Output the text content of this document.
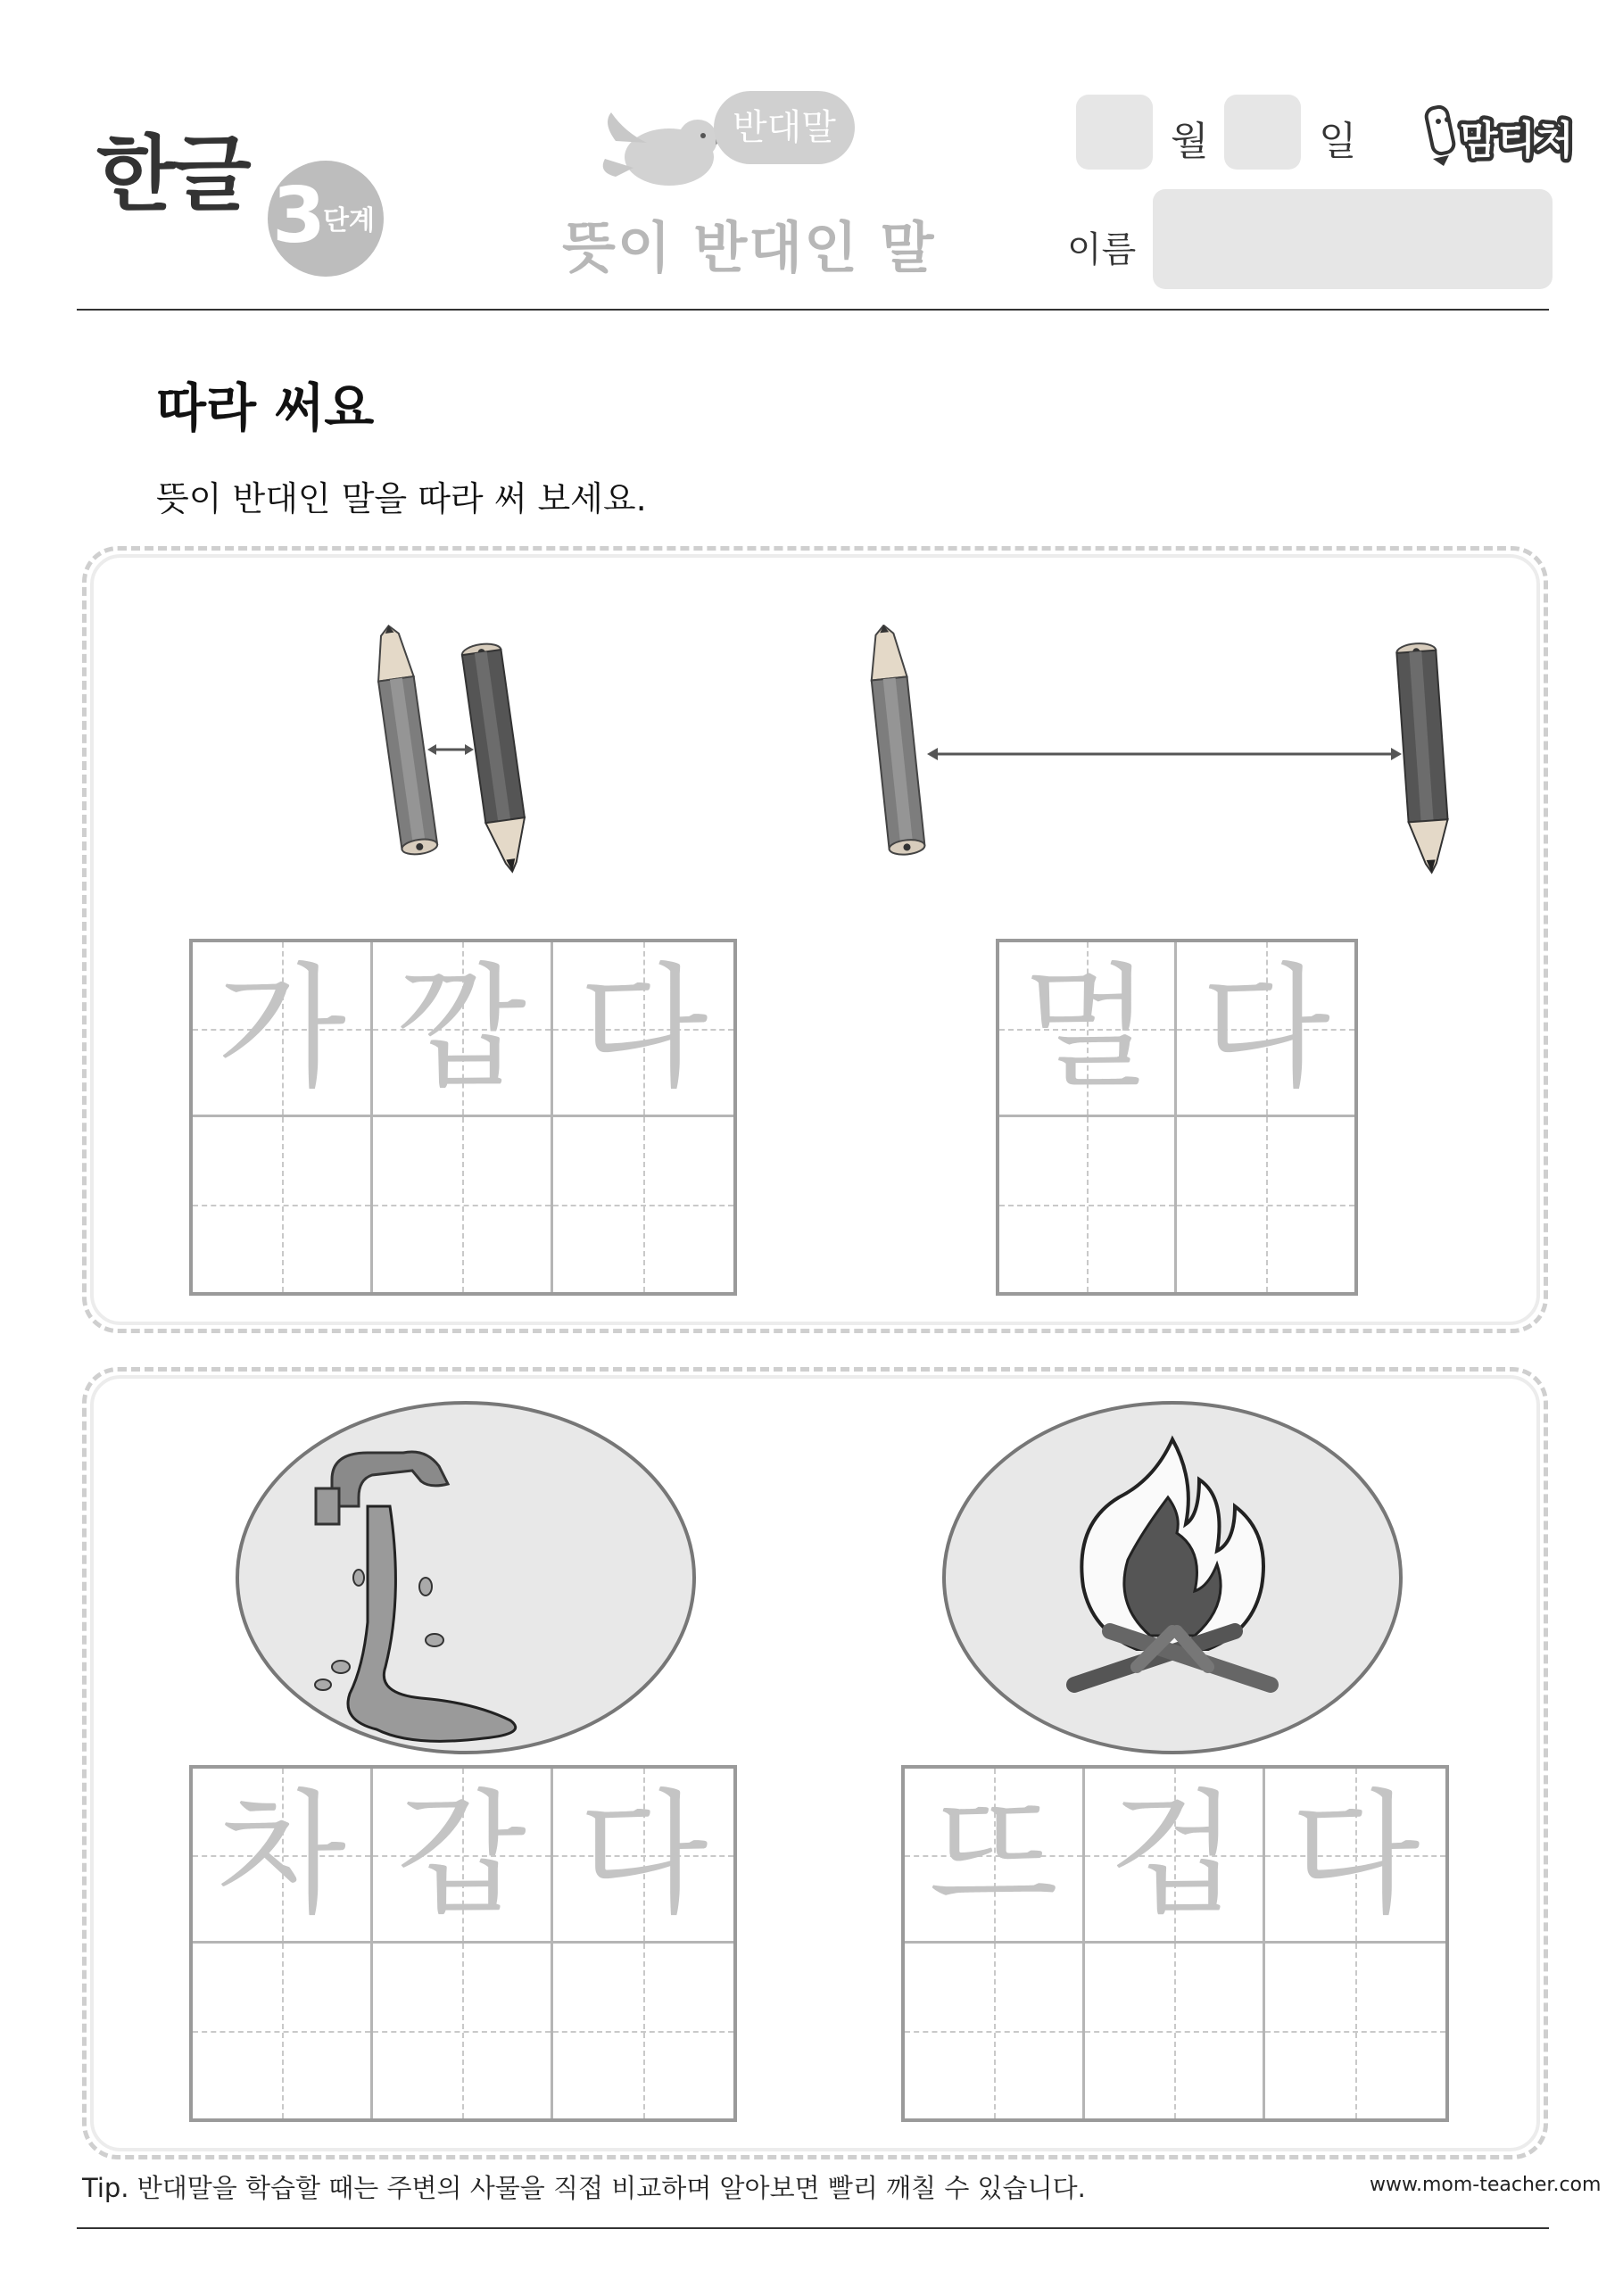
한글 3
단계
반대말
뜻이 반대인 말
월	일	맘티처
이름
따라 써요
뜻이 반대인 말을 따라 써 보세요.
가 깝 다 멀 다
차 갑 다 뜨 겁 다
Tip. 반대말을 학습할 때는 주변의 사물을 직접 비교하며 알아보면 빨리 깨칠 수 있습니다.	www.mom-teacher.com
